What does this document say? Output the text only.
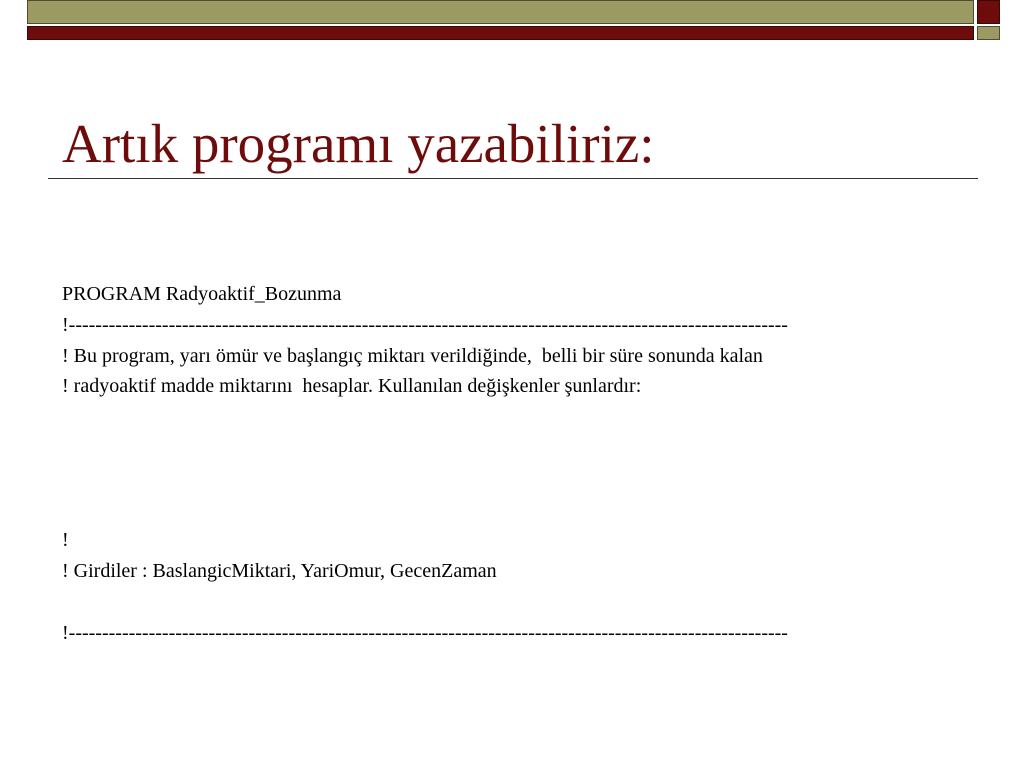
Artık programı yazabiliriz:
PROGRAM Radyoaktif_Bozunma
!------------------------------------------------------------------------------------------------------------
! Bu program, yarı ömür ve başlangıç miktarı verildiğinde,  belli bir süre sonunda kalan
! radyoaktif madde miktarını  hesaplar. Kullanılan değişkenler şunlardır:

!
! Girdiler : BaslangicMiktari, YariOmur, GecenZaman

!------------------------------------------------------------------------------------------------------------
